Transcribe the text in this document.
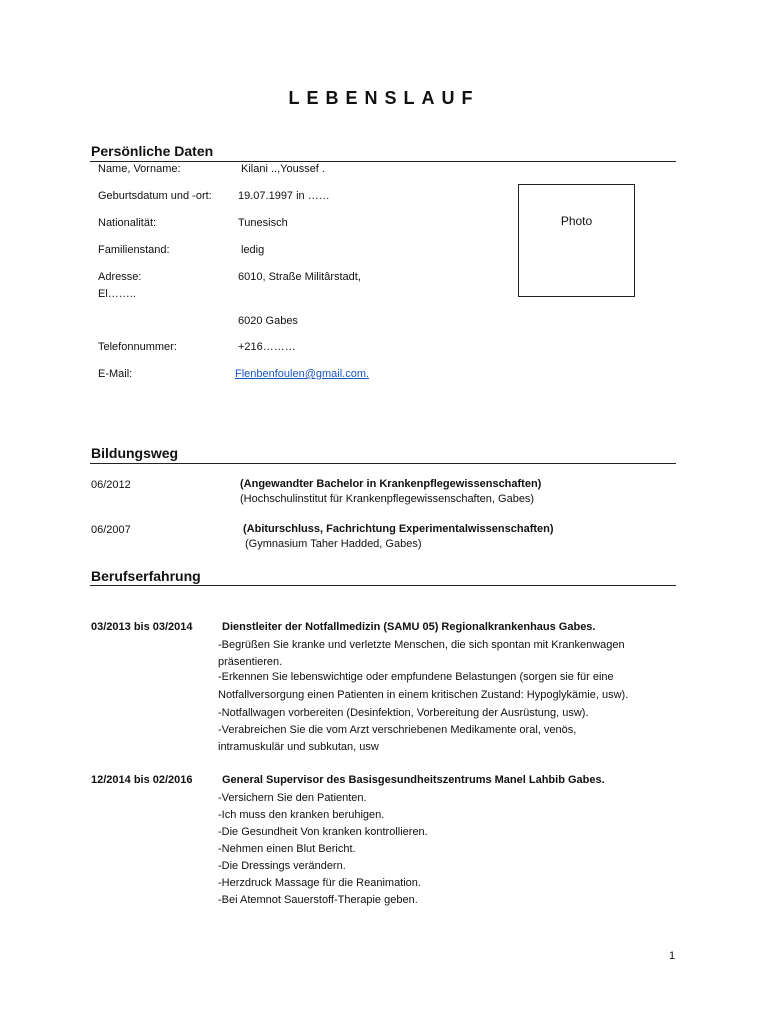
LEBENSLAUF
Persönliche Daten
Name, Vorname:	Kilani ..,Youssef .
Geburtsdatum und -ort: 19.07.1997 in ……
Nationalität:	Tunesisch
Familienstand:	ledig
Adresse:	6010, Straße Militârstadt,
El……..
6020 Gabes
Telefonnummer:	+216………
E-Mail:	Flenbenfoulen@gmail.com.
Photo
Bildungsweg
06/2012	(Angewandter Bachelor in Krankenpflegewissenschaften)
(Hochschulinstitut für Krankenpflegewissenschaften, Gabes)
06/2007	(Abiturschluss, Fachrichtung Experimentalwissenschaften)
(Gymnasium Taher Hadded, Gabes)
Berufserfahrung
03/2013 bis 03/2014	Dienstleiter der Notfallmedizin (SAMU 05) Regionalkrankenhaus Gabes.
-Begrüßen Sie kranke und verletzte Menschen, die sich spontan mit Krankenwagen
präsentieren.
-Erkennen Sie lebenswichtige oder empfundene Belastungen (sorgen sie für eine
Notfallversorgung einen Patienten in einem kritischen Zustand: Hypoglykämie, usw).
-Notfallwagen vorbereiten (Desinfektion, Vorbereitung der Ausrüstung, usw).
-Verabreichen Sie die vom Arzt verschriebenen Medikamente oral, venös,
intramuskulär und subkutan, usw
12/2014 bis 02/2016	General Supervisor des Basisgesundheitszentrums Manel Lahbib Gabes.
-Versichern Sie den Patienten.
-Ich muss den kranken beruhigen.
-Die Gesundheit Von kranken kontrollieren.
-Nehmen einen Blut Bericht.
-Die Dressings verändern.
-Herzdruck Massage für die Reanimation.
-Bei Atemnot Sauerstoff-Therapie geben.
1
